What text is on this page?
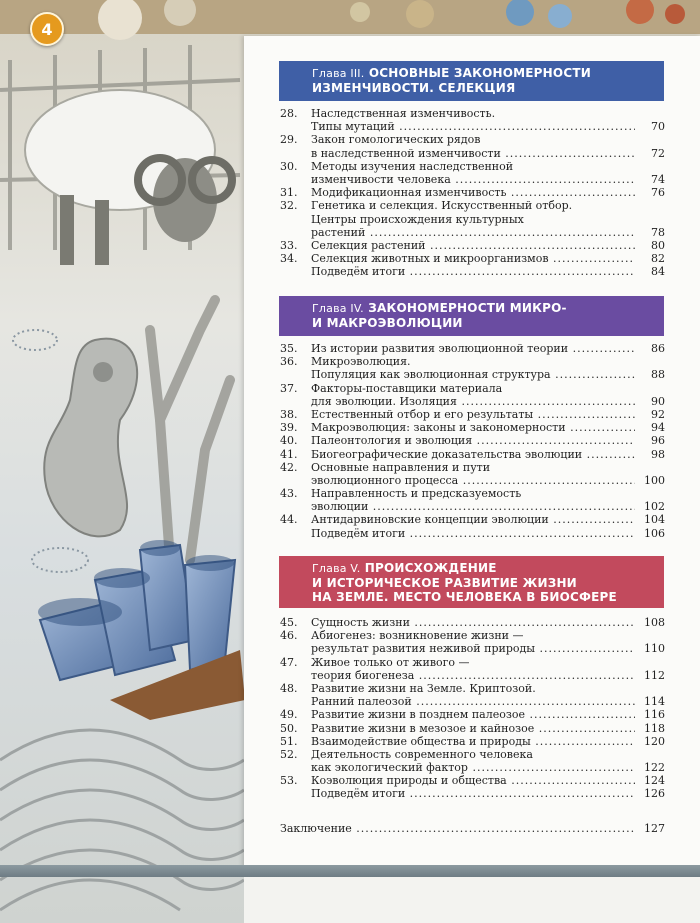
4
Глава III. ОСНОВНЫЕ ЗАКОНОМЕРНОСТИ
ИЗМЕНЧИВОСТИ. СЕЛЕКЦИЯ
28.	Наследственная изменчивость.
Типы мутаций .....	70
29.	Закон гомологических рядов
в наследственной изменчивости .....	72
30.	Методы изучения наследственной
изменчивости человека .....	74
31.	Модификационная изменчивость .....	76
32.	Генетика и селекция. Искусственный отбор.
Центры происхождения культурных
растений .....	78
33.	Селекция растений .....	80
34.	Селекция животных и микроорганизмов .....	82
Подведём итоги .....	84
Глава IV. ЗАКОНОМЕРНОСТИ МИКРО-
И МАКРОЭВОЛЮЦИИ
35.	Из истории развития эволюционной теории .....	86
36.	Микроэволюция.
Популяция как эволюционная структура .....	88
37.	Факторы-поставщики материала
для эволюции. Изоляция .....	90
38.	Естественный отбор и его результаты .....	92
39.	Макроэволюция: законы и закономерности .....	94
40.	Палеонтология и эволюция .....	96
41.	Биогеографические доказательства эволюции .....	98
42.	Основные направления и пути
эволюционного процесса .....	100
43.	Направленность и предсказуемость
эволюции .....	102
44.	Антидарвиновские концепции эволюции .....	104
Подведём итоги .....	106
Глава V. ПРОИСХОЖДЕНИЕ
И ИСТОРИЧЕСКОЕ РАЗВИТИЕ ЖИЗНИ
НА ЗЕМЛЕ. МЕСТО ЧЕЛОВЕКА В БИОСФЕРЕ
45.	Сущность жизни .....	108
46.	Абиогенез: возникновение жизни —
результат развития неживой природы .....	110
47.	Живое только от живого —
теория биогенеза .....	112
48.	Развитие жизни на Земле. Криптозой.
Ранний палеозой .....	114
49.	Развитие жизни в позднем палеозое .....	116
50.	Развитие жизни в мезозое и кайнозое .....	118
51.	Взаимодействие общества и природы .....	120
52.	Деятельность современного человека
как экологический фактор .....	122
53.	Коэволюция природы и общества .....	124
Подведём итоги .....	126
Заключение .....	127
